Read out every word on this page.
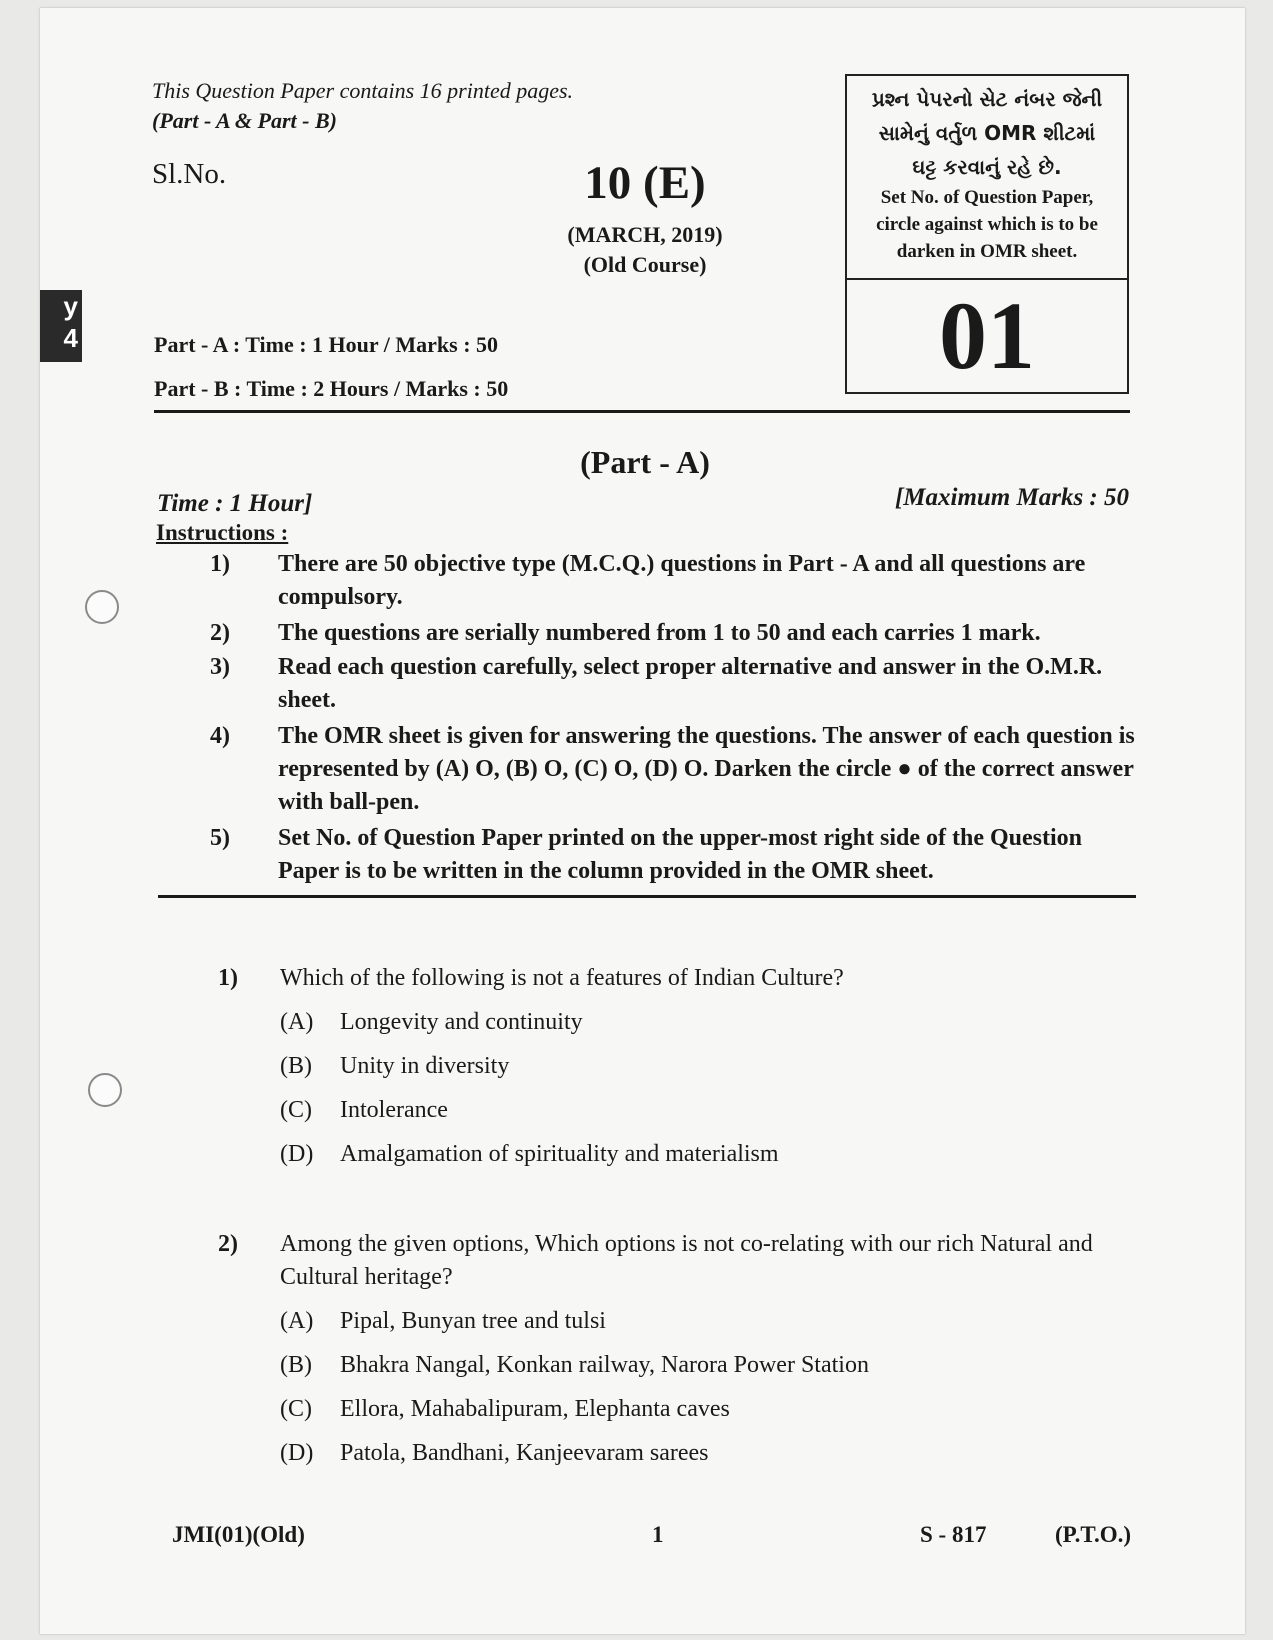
y
4
This Question Paper contains 16 printed pages.
(Part - A & Part - B)
Sl.No.	10 (E)
(MARCH, 2019)
(Old Course)
Part - A : Time : 1 Hour / Marks : 50
Part - B : Time : 2 Hours / Marks : 50
પ્રશ્ન પેપરનો સેટ નંબર જેની
સામેનું વર્તુળ OMR શીટમાં
ઘટ્ટ કરવાનું રહે છે.
Set No. of Question Paper,
circle against which is to be
darken in OMR sheet.
01
(Part - A)
Time : 1 Hour]	[Maximum Marks : 50
Instructions :
1)	There are 50 objective type (M.C.Q.) questions in Part - A and all questions are compulsory.
2)	The questions are serially numbered from 1 to 50 and each carries 1 mark.
3)	Read each question carefully, select proper alternative and answer in the O.M.R. sheet.
4)	The OMR sheet is given for answering the questions. The answer of each question is represented by (A) O, (B) O, (C) O, (D) O. Darken the circle ● of the correct answer with ball-pen.
5)	Set No. of Question Paper printed on the upper-most right side of the Question Paper is to be written in the column provided in the OMR sheet.
1) Which of the following is not a features of Indian Culture?
(A) Longevity and continuity
(B) Unity in diversity
(C) Intolerance
(D) Amalgamation of spirituality and materialism
2) Among the given options, Which options is not co-relating with our rich Natural and Cultural heritage?
(A) Pipal, Bunyan tree and tulsi
(B) Bhakra Nangal, Konkan railway, Narora Power Station
(C) Ellora, Mahabalipuram, Elephanta caves
(D) Patola, Bandhani, Kanjeevaram sarees
JMI(01)(Old)	1	S - 817	(P.T.O.)
